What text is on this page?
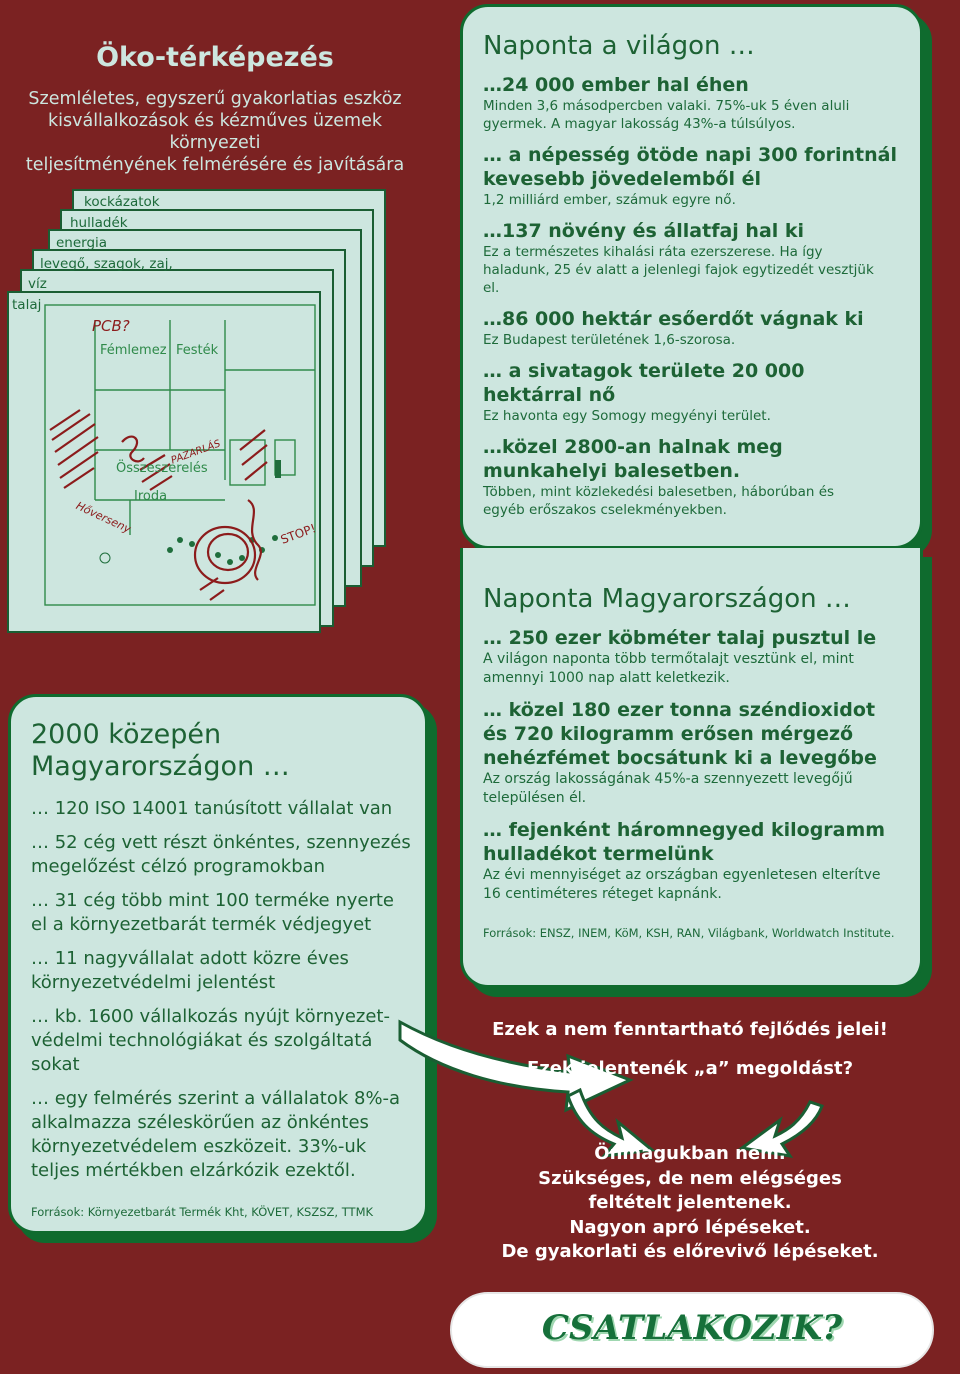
Öko-térképezés
Szemléletes, egyszerű gyakorlatias eszköz
kisvállalkozások és kézműves üzemek környezeti
teljesítményének felmérésére és javítására
kockázatok
hulladék
energia
levegő, szagok, zaj,
víz
talaj
PCB?
Fémlemez Festék
Összeszerelés
Iroda
STOP!
Hőverseny
PAZARLÁS
Naponta a világon …
…24 000 ember hal éhen
Minden 3,6 másodpercben valaki. 75%-uk 5 éven aluli
gyermek. A magyar lakosság 43%-a túlsúlyos.
… a népesség ötöde napi 300 forintnál
kevesebb jövedelemből él
1,2 milliárd ember, számuk egyre nő.
…137 növény és állatfaj hal ki
Ez a természetes kihalási ráta ezerszerese. Ha így
haladunk, 25 év alatt a jelenlegi fajok egytizedét vesztjük
el.
…86 000 hektár esőerdőt vágnak ki
Ez Budapest területének 1,6-szorosa.
… a sivatagok területe 20 000
hektárral nő
Ez havonta egy Somogy megyényi terület.
…közel 2800-an halnak meg
munkahelyi balesetben.
Többen, mint közlekedési balesetben, háborúban és
egyéb erőszakos cselekményekben.
Naponta Magyarországon …
… 250 ezer köbméter talaj pusztul le
A világon naponta több termőtalajt vesztünk el, mint
amennyi 1000 nap alatt keletkezik.
… közel 180 ezer tonna széndioxidot
és 720 kilogramm erősen mérgező
nehézfémet bocsátunk ki a levegőbe
Az ország lakosságának 45%-a szennyezett levegőjű
településen él.
… fejenként háromnegyed kilogramm
hulladékot termelünk
Az évi mennyiséget az országban egyenletesen elterítve
16 centiméteres réteget kapnánk.
Források: ENSZ, INEM, KöM, KSH, RAN, Világbank, Worldwatch Institute.
2000 közepén
Magyarországon …
… 120 ISO 14001 tanúsított vállalat van
… 52 cég vett részt önkéntes, szennyezés
megelőzést célzó programokban
… 31 cég több mint 100 terméke nyerte
el a környezetbarát termék védjegyet
… 11 nagyvállalat adott közre éves
környezetvédelmi jelentést
… kb. 1600 vállalkozás nyújt környezet-
védelmi technológiákat és szolgáltatá
sokat
… egy felmérés szerint a vállalatok 8%-a
alkalmazza széleskörűen az önkéntes
környezetvédelem eszközeit. 33%-uk
teljes mértékben elzárkózik ezektől.
Források: Környezetbarát Termék Kht, KÖVET, KSZSZ, TTMK
Ezek a nem fenntartható fejlődés jelei!
Ezek jelentenék „a” megoldást?
Önmagukban nem.
Szükséges, de nem elégséges
feltételt jelentenek.
Nagyon apró lépéseket.
De gyakorlati és előrevivő lépéseket.
CSATLAKOZIK?
